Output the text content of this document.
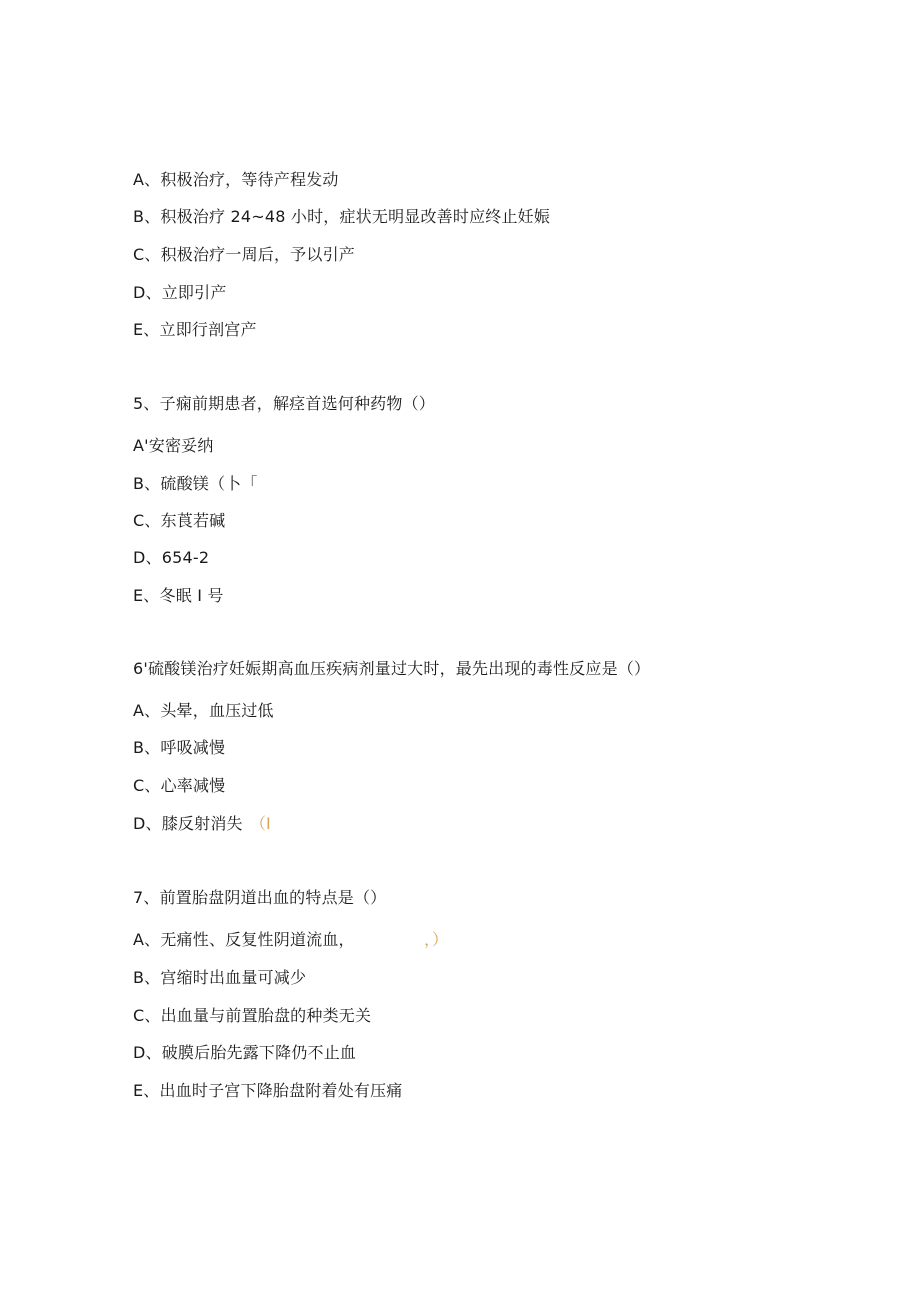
A、积极治疗，等待产程发动
B、积极治疗 24~48 小时，症状无明显改善时应终止妊娠
C、积极治疗一周后，予以引产
D、立即引产
E、立即行剖宫产
5、子痫前期患者，解痉首选何种药物（）
A'安密妥纳
B、硫酸镁（卜「
C、东莨若碱
D、654-2
E、冬眠 I 号
6'硫酸镁治疗妊娠期高血压疾病剂量过大时，最先出现的毒性反应是（）
A、头晕，血压过低
B、呼吸减慢
C、心率减慢
D、膝反射消失 （I
7、前置胎盘阴道出血的特点是（）
A、无痛性、反复性阴道流血，	，）
B、宫缩时出血量可减少
C、出血量与前置胎盘的种类无关
D、破膜后胎先露下降仍不止血
E、出血时子宫下降胎盘附着处有压痛
